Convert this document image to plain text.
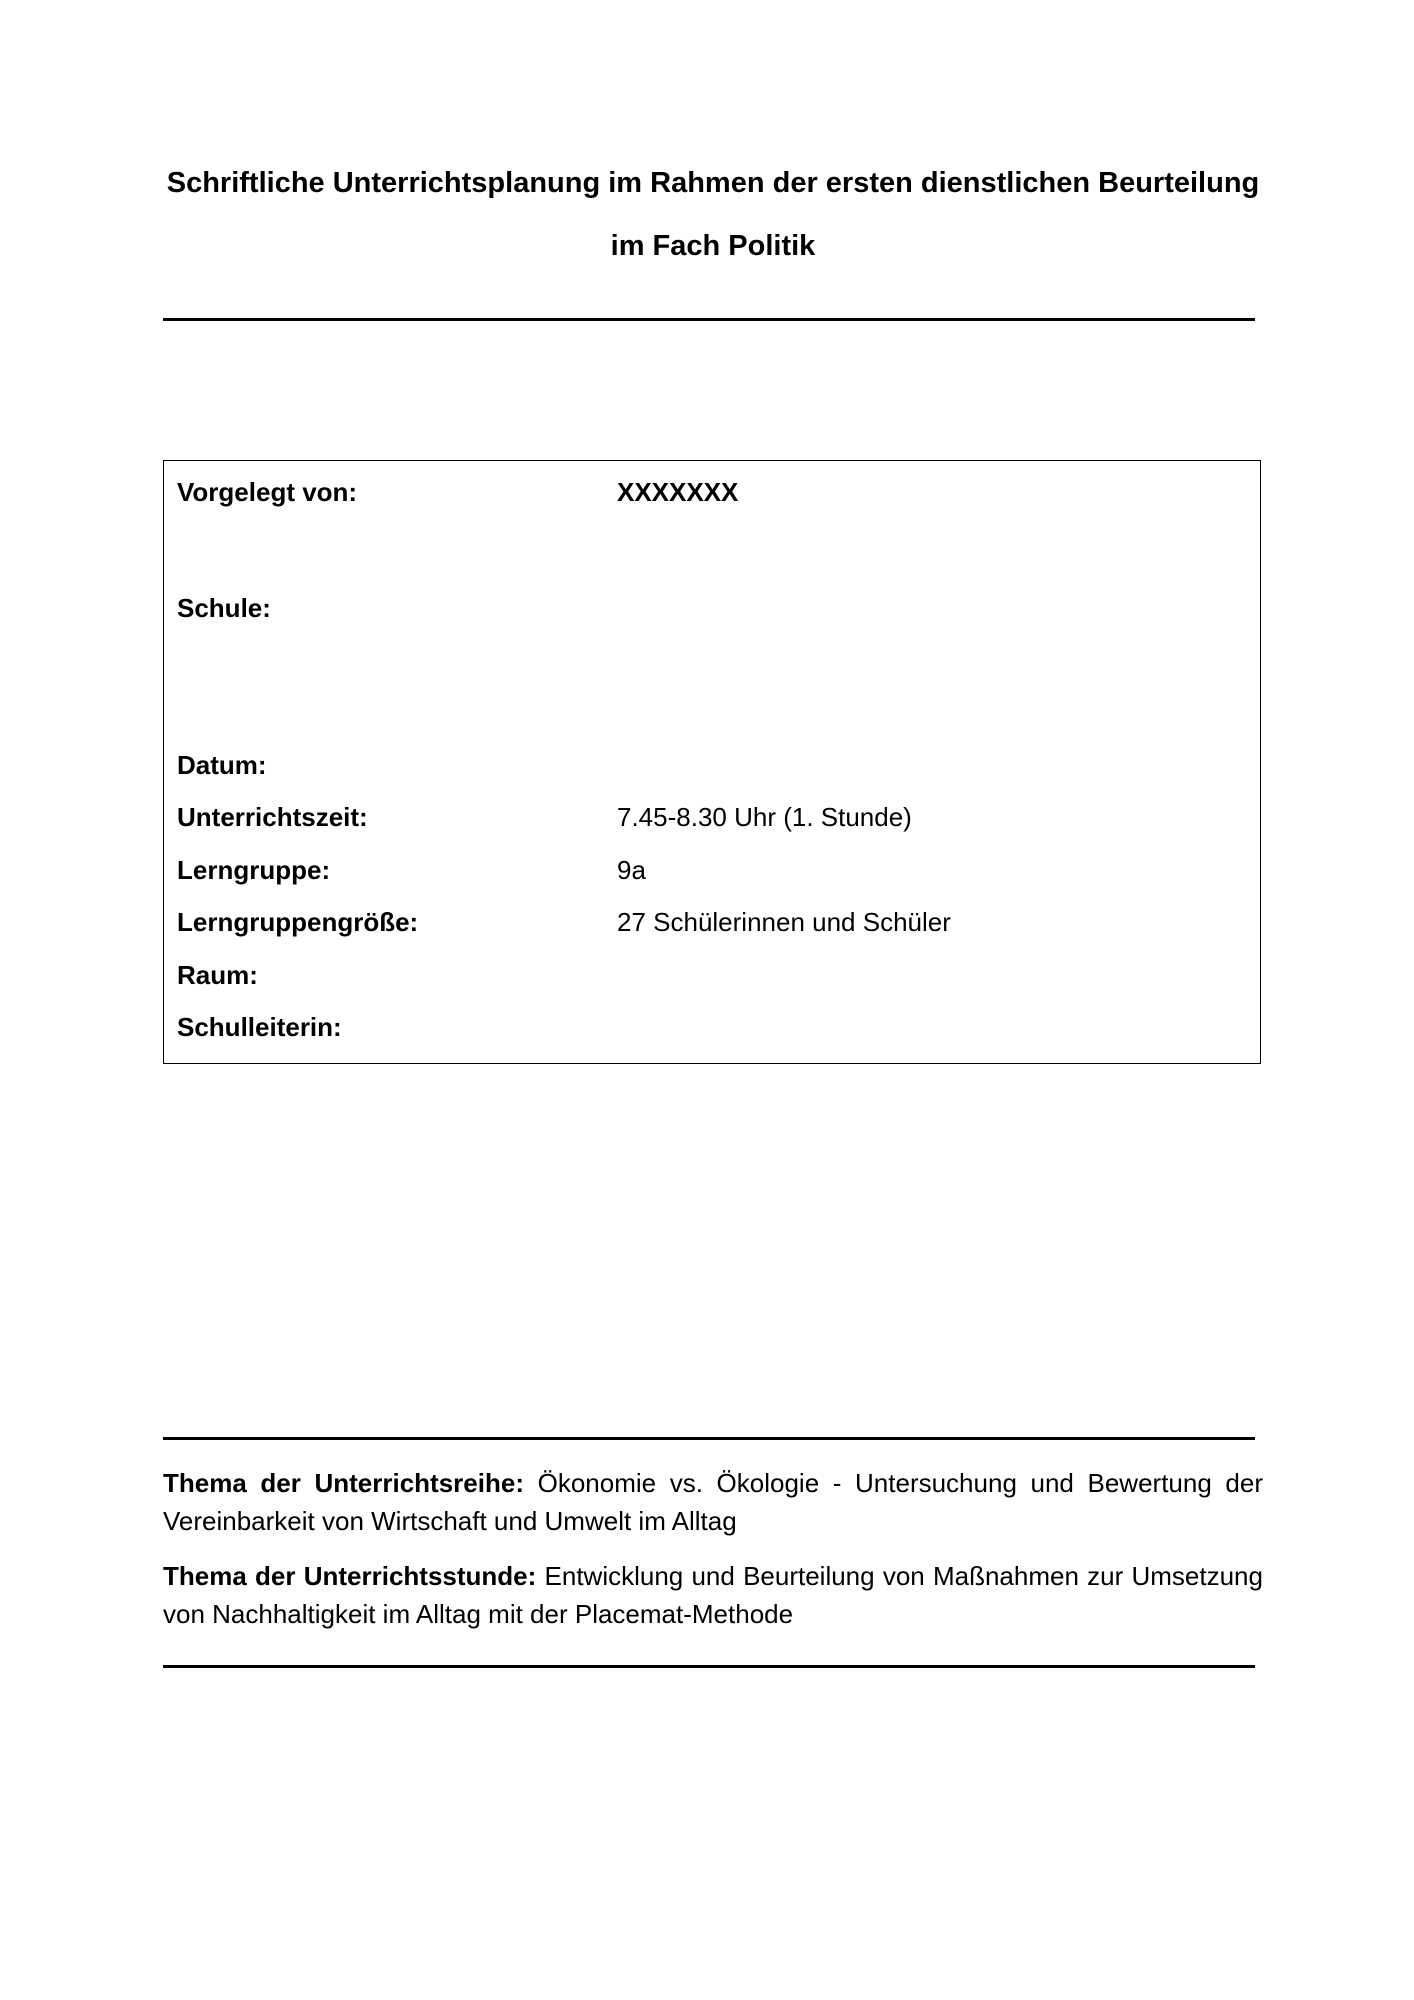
Schriftliche Unterrichtsplanung im Rahmen der ersten dienstlichen Beurteilung
im Fach Politik
Vorgelegt von:	XXXXXXX
Schule:
Datum:
Unterrichtszeit:	7.45-8.30 Uhr (1. Stunde)
Lerngruppe:	9a
Lerngruppengröße:	27 Schülerinnen und Schüler
Raum:
Schulleiterin:
Thema der Unterrichtsreihe: Ökonomie vs. Ökologie - Untersuchung und Bewertung der Vereinbarkeit von Wirtschaft und Umwelt im Alltag
Thema der Unterrichtsstunde: Entwicklung und Beurteilung von Maßnahmen zur Umsetzung von Nachhaltigkeit im Alltag mit der Placemat-Methode
